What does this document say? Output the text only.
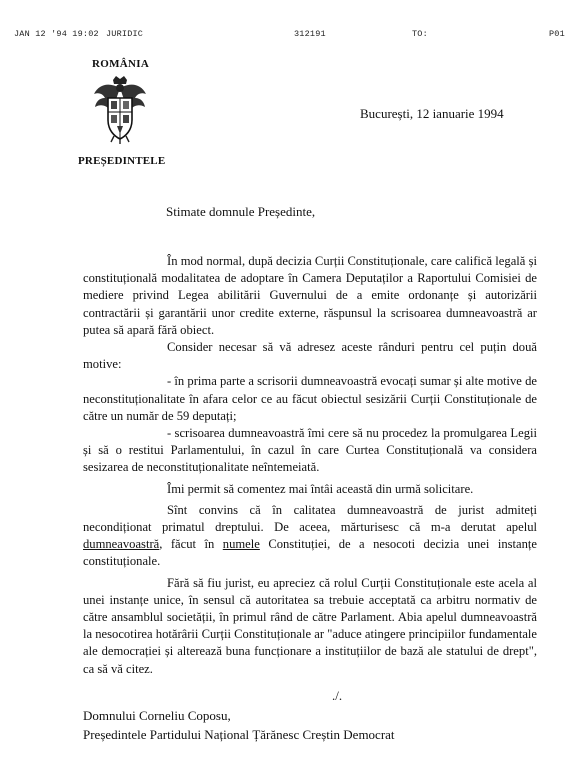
JAN 12 '94 19:02 JURIDIC	312191	TO:	P01
ROMÂNIA
PREȘEDINTELE
București, 12 ianuarie 1994
Stimate domnule Președinte,

În mod normal, după decizia Curții Constituționale, care califică legală și constituțională modalitatea de adoptare în Camera Deputaților a Raportului Comisiei de mediere privind Legea abilitării Guvernului de a emite ordonanțe și autorizării contractării și garantării unor credite externe, răspunsul la scrisoarea dumneavoastră ar putea să apară fără obiect.

Consider necesar să vă adresez aceste rânduri pentru cel puțin două motive:

- în prima parte a scrisorii dumneavoastră evocați sumar și alte motive de neconstituționalitate în afara celor ce au făcut obiectul sesizării Curții Constituționale de către un număr de 59 deputați;

- scrisoarea dumneavoastră îmi cere să nu procedez la promulgarea Legii și să o restitui Parlamentului, în cazul în care Curtea Constituțională va considera sesizarea de neconstituționalitate neîntemeiată.

Îmi permit să comentez mai întâi această din urmă solicitare.

Sînt convins că în calitatea dumneavoastră de jurist admiteți necondiționat primatul dreptului. De aceea, mărturisesc că m-a derutat apelul dumneavoastră, făcut în numele Constituției, de a nesocoti decizia unei instanțe constituționale.

Fără să fiu jurist, eu apreciez că rolul Curții Constituționale este acela al unei instanțe unice, în sensul că autoritatea sa trebuie acceptată ca arbitru normativ de către ansamblul societății, în primul rând de către Parlament. Abia apelul dumneavoastră la nesocotirea hotărârii Curții Constituționale ar "aduce atingere principiilor fundamentale ale democrației și alterează buna funcționare a instituțiilor de bază ale statului de drept", ca să vă citez.

./.
Domnului Corneliu Coposu,
Președintele Partidului Național Țărănesc Creștin Democrat
